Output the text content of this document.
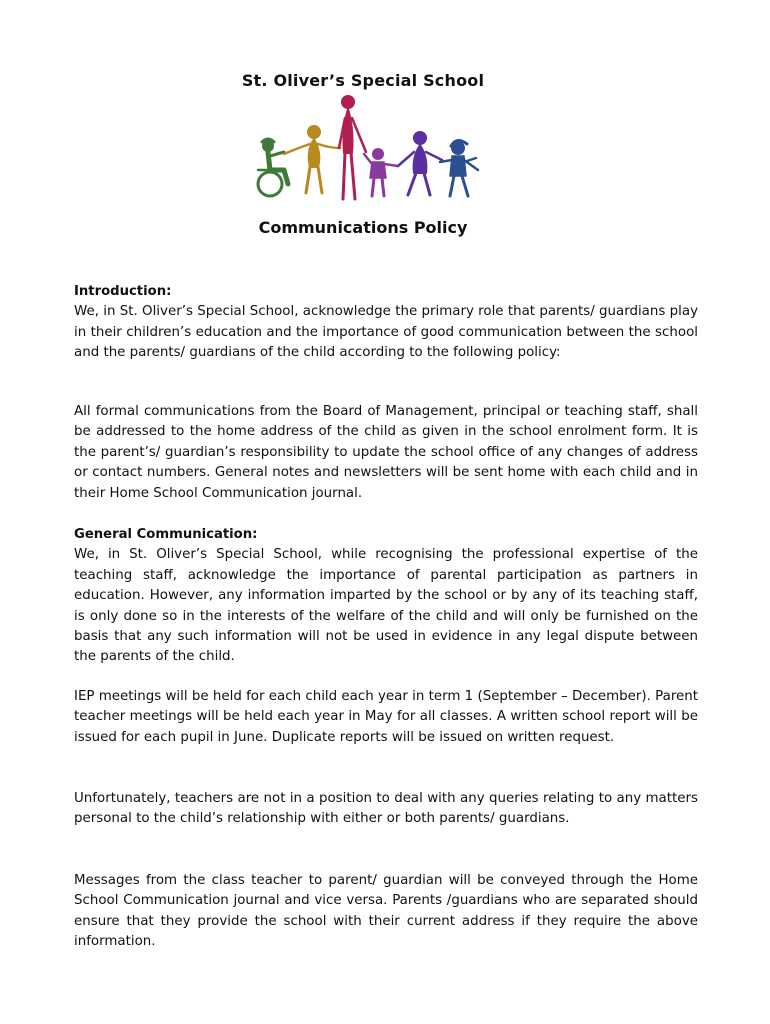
St. Oliver’s Special School
Communications Policy
Introduction:

We, in St. Oliver’s Special School, acknowledge the primary role that parents/ guardians play in their children’s education and the importance of good communication between the school and the parents/ guardians of the child according to the following policy:

All formal communications from the Board of Management, principal or teaching staff, shall be addressed to the home address of the child as given in the school enrolment form. It is the parent’s/ guardian’s responsibility to update the school office of any changes of address or contact numbers. General notes and newsletters will be sent home with each child and in their Home School Communication journal.

General Communication:

We, in St. Oliver’s Special School, while recognising the professional expertise of the teaching staff, acknowledge the importance of parental participation as partners in education. However, any information imparted by the school or by any of its teaching staff, is only done so in the interests of the welfare of the child and will only be furnished on the basis that any such information will not be used in evidence in any legal dispute between the parents of the child.

IEP meetings will be held for each child each year in term 1 (September – December). Parent teacher meetings will be held each year in May for all classes. A written school report will be issued for each pupil in June. Duplicate reports will be issued on written request.

Unfortunately, teachers are not in a position to deal with any queries relating to any matters personal to the child’s relationship with either or both parents/ guardians.

Messages from the class teacher to parent/ guardian will be conveyed through the Home School Communication journal and vice versa. Parents /guardians who are separated should ensure that they provide the school with their current address if they require the above information.
